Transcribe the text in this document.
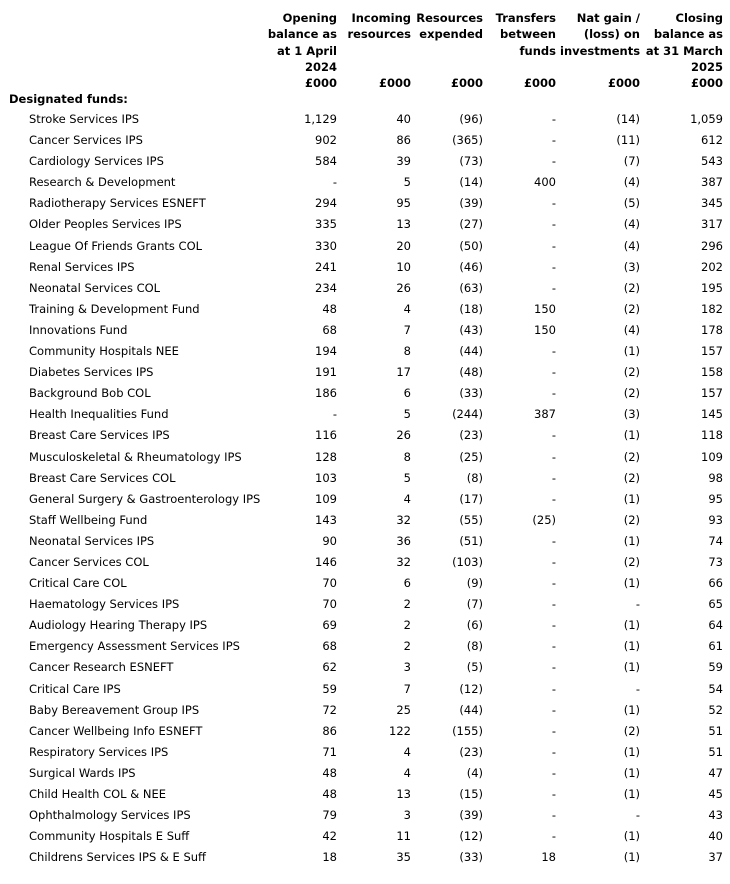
Opening
balance as
at 1 April
2024
£000
Incoming
resources
£000
Resources
expended
£000
Transfers
between
funds
£000
Nat gain /
(loss) on
investments
£000
Closing
balance as
at 31 March
2025
£000
Designated funds:
Stroke Services IPS	1,129	40	(96)	-	(14)	1,059
Cancer Services IPS	902	86	(365)	-	(11)	612
Cardiology Services IPS	584	39	(73)	-	(7)	543
Research & Development	-	5	(14)	400	(4)	387
Radiotherapy Services ESNEFT	294	95	(39)	-	(5)	345
Older Peoples Services IPS	335	13	(27)	-	(4)	317
League Of Friends Grants COL	330	20	(50)	-	(4)	296
Renal Services IPS	241	10	(46)	-	(3)	202
Neonatal Services COL	234	26	(63)	-	(2)	195
Training & Development Fund	48	4	(18)	150	(2)	182
Innovations Fund	68	7	(43)	150	(4)	178
Community Hospitals NEE	194	8	(44)	-	(1)	157
Diabetes Services IPS	191	17	(48)	-	(2)	158
Background Bob COL	186	6	(33)	-	(2)	157
Health Inequalities Fund	-	5	(244)	387	(3)	145
Breast Care Services IPS	116	26	(23)	-	(1)	118
Musculoskeletal & Rheumatology IPS	128	8	(25)	-	(2)	109
Breast Care Services COL	103	5	(8)	-	(2)	98
General Surgery & Gastroenterology IPS	109	4	(17)	-	(1)	95
Staff Wellbeing Fund	143	32	(55)	(25)	(2)	93
Neonatal Services IPS	90	36	(51)	-	(1)	74
Cancer Services COL	146	32	(103)	-	(2)	73
Critical Care COL	70	6	(9)	-	(1)	66
Haematology Services IPS	70	2	(7)	-	-	65
Audiology Hearing Therapy IPS	69	2	(6)	-	(1)	64
Emergency Assessment Services IPS	68	2	(8)	-	(1)	61
Cancer Research ESNEFT	62	3	(5)	-	(1)	59
Critical Care IPS	59	7	(12)	-	-	54
Baby Bereavement Group IPS	72	25	(44)	-	(1)	52
Cancer Wellbeing Info ESNEFT	86	122	(155)	-	(2)	51
Respiratory Services IPS	71	4	(23)	-	(1)	51
Surgical Wards IPS	48	4	(4)	-	(1)	47
Child Health COL & NEE	48	13	(15)	-	(1)	45
Ophthalmology Services IPS	79	3	(39)	-	-	43
Community Hospitals E Suff	42	11	(12)	-	(1)	40
Childrens Services IPS & E Suff	18	35	(33)	18	(1)	37
